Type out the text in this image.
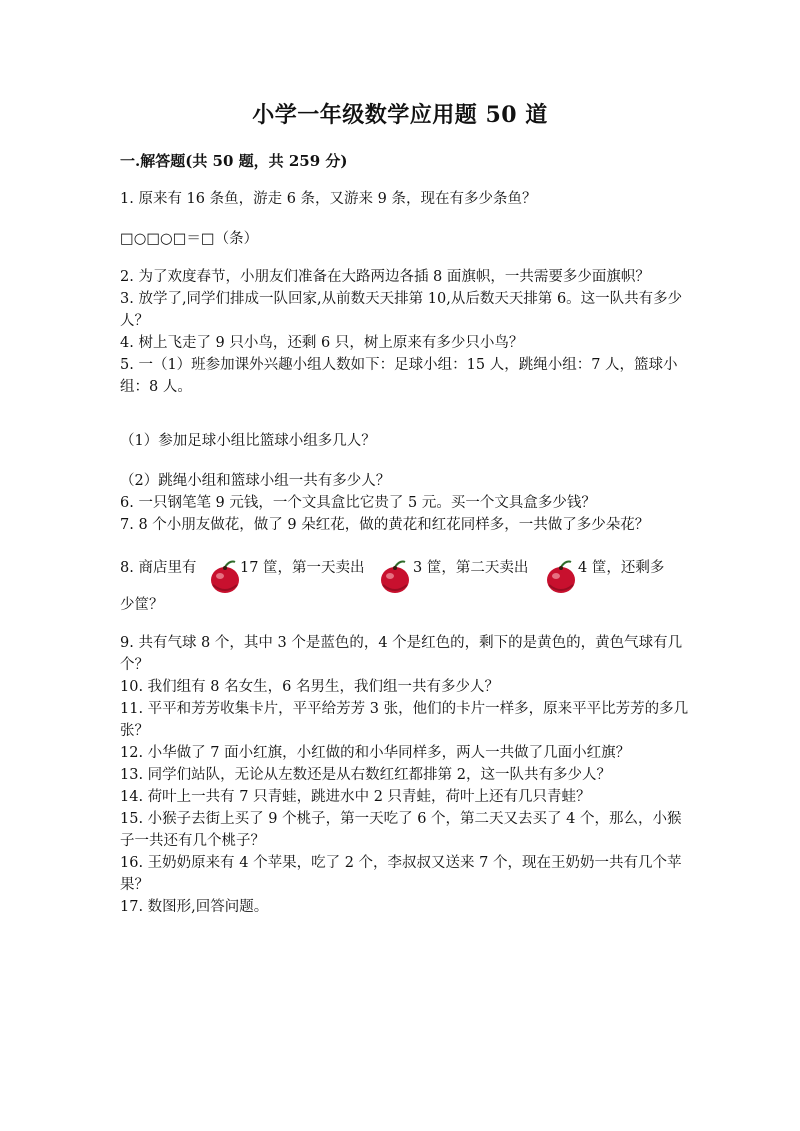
小学一年级数学应用题 50 道
一.解答题(共 50 题，共 259 分)

1. 原来有 16 条鱼，游走 6 条，又游来 9 条，现在有多少条鱼？

□○□○□＝□（条）

2. 为了欢度春节，小朋友们准备在大路两边各插 8 面旗帜，一共需要多少面旗帜？

3. 放学了,同学们排成一队回家,从前数天天排第 10,从后数天天排第 6。这一队共有多少人？

4. 树上飞走了 9 只小鸟，还剩 6 只，树上原来有多少只小鸟？

5. 一（1）班参加课外兴趣小组人数如下：足球小组：15 人，跳绳小组：7 人，篮球小组：8 人。

（1）参加足球小组比篮球小组多几人？

（2）跳绳小组和篮球小组一共有多少人？

6. 一只钢笔笔 9 元钱，一个文具盒比它贵了 5 元。买一个文具盒多少钱？

7. 8 个小朋友做花，做了 9 朵红花，做的黄花和红花同样多，一共做了多少朵花？

8. 商店里有	17 筐，第一天卖出	3 筐，第二天卖出	4 筐，还剩多

少筐？

9. 共有气球 8 个，其中 3 个是蓝色的，4 个是红色的，剩下的是黄色的，黄色气球有几个？

10. 我们组有 8 名女生，6 名男生，我们组一共有多少人？

11. 平平和芳芳收集卡片，平平给芳芳 3 张，他们的卡片一样多，原来平平比芳芳的多几张？

12. 小华做了 7 面小红旗，小红做的和小华同样多，两人一共做了几面小红旗？

13. 同学们站队，无论从左数还是从右数红红都排第 2，这一队共有多少人？

14. 荷叶上一共有 7 只青蛙，跳进水中 2 只青蛙，荷叶上还有几只青蛙？

15. 小猴子去街上买了 9 个桃子，第一天吃了 6 个，第二天又去买了 4 个，那么，小猴子一共还有几个桃子？

16. 王奶奶原来有 4 个苹果，吃了 2 个，李叔叔又送来 7 个，现在王奶奶一共有几个苹果？

17. 数图形,回答问题。
